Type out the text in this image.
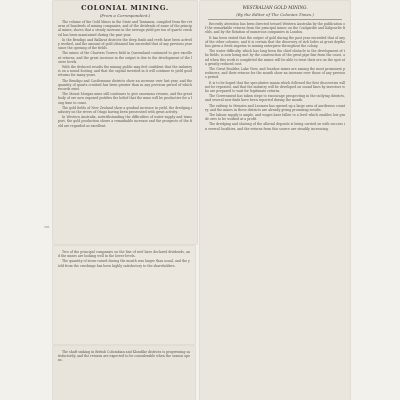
ᴸᴬᴰᴸ
COLONIAL MINING.
(From a Correspondent.)

The volume of the Gold Mines in the State and Tasmania, compiled from the returns of hundreds of mining companies, and of the dividends of some of the principal mines, shows that a steady increase in the average yield per ton of quartz crushed has been maintained during the past year.

In the Bendigo and Ballarat districts the deep leads and reefs have been actively worked, and the amount of gold obtained has exceeded that of any previous year since the opening of the fields.

The mines of the Charters Towers field in Queensland continued to give excellent returns, and the great increase in the output is due to the development of the lower levels.

With the deduced results the mining public may feel confident that the industry is on a sound footing, and that the capital invested in it will continue to yield good returns for many years.

The Bendigo and Castlemaine districts show an increase over last year, and the quantity of quartz crushed has been greater than in any previous period of which records exist.

The Mount Morgan mine still continues to give enormous returns, and the great body of ore now exposed justifies the belief that the mine will be productive for a long time to come.

The gold fields of New Zealand show a gradual increase in yield, the dredging industry on the rivers of Otago having been prosecuted with great activity.

In Western Australia, notwithstanding the difficulties of water supply and transport, the gold production shows a remarkable increase and the prospects of the field are regarded as excellent.

Two of the principal companies on the line of reef have declared dividends, and the mines are looking well in the lower levels.

The quantity of stone raised during the month was larger than usual, and the yield from the crushings has been highly satisfactory to the shareholders.

The shaft sinking in British Columbian and Klondike districts is progressing satisfactorily, and the returns are expected to be considerable when the season opens.

WESTRALIAN GOLD MINING.
(By the Editor of The Colonies Times.)

Recently attention has been directed toward Western Australia by the publication of the remarkable returns from the principal mines on the Coolgardie and Kalgoorlie fields, and by the flotation of numerous companies in London.

It has been stated that the output of gold during the past year exceeded that of any of the other colonies, and it is certain that the discovery of rich lodes at great depths has given a fresh impetus to mining enterprise throughout the colony.

The water difficulty, which has long been the chief obstacle to the development of the fields, is now being met by the construction of the great pipe line from the coast, and when this work is completed the mines will be able to treat their ore on the spot at a greatly reduced cost.

The Great Boulder, Lake View, and Ivanhoe mines are among the most prominent producers, and their returns for the month show an increase over those of any previous period.

It is to be hoped that the speculative mania which followed the first discoveries will not be repeated, and that the industry will be developed on sound lines by investors who are prepared to wait for legitimate returns.

The Government has taken steps to encourage prospecting in the outlying districts, and several new finds have been reported during the month.

The railway to Menzies and Leonora has opened up a large area of auriferous country, and the mines in these districts are already giving promising results.

The labour supply is ample, and wages have fallen to a level which enables low grade ores to be worked at a profit.

The dredging and sluicing of the alluvial deposits is being carried on with success in several localities, and the returns from this source are steadily increasing.
